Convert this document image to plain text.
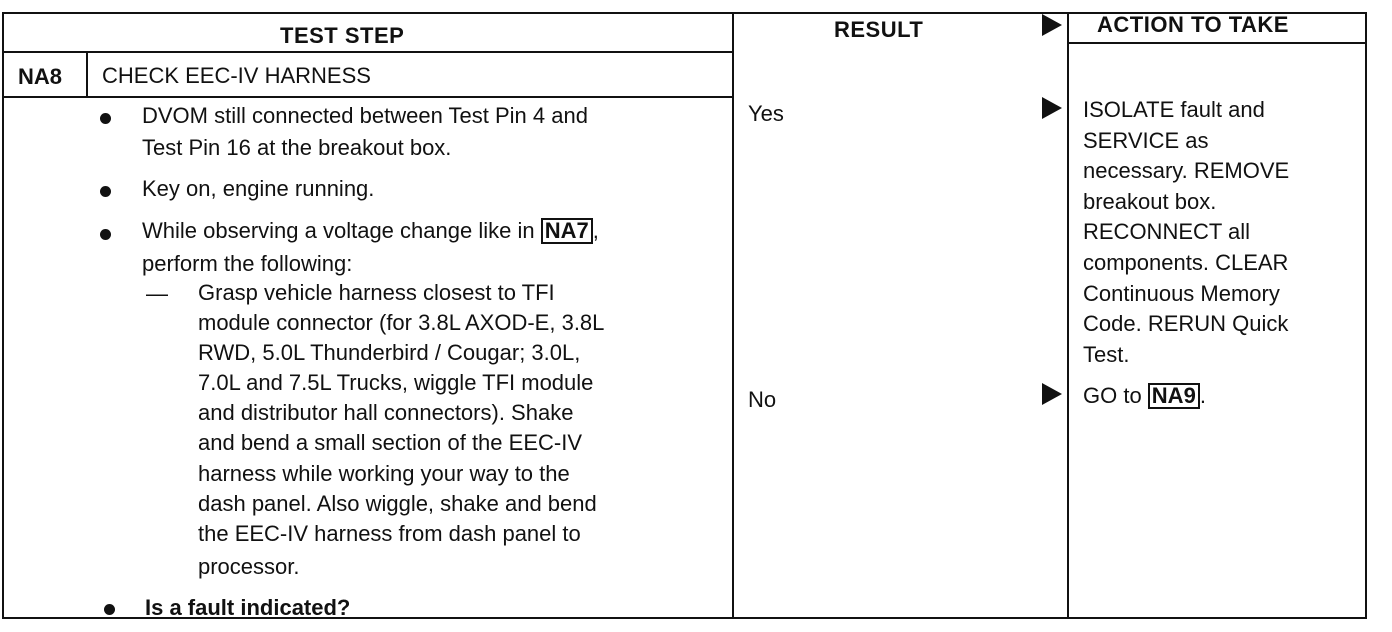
TEST STEP	RESULT	ACTION TO TAKE
NA8 CHECK EEC-IV HARNESS
DVOM still connected between Test Pin 4 and
Test Pin 16 at the breakout box.
Key on, engine running.
While observing a voltage change like in NA7 ,
perform the following:
— Grasp vehicle harness closest to TFI
module connector (for 3.8L AXOD-E, 3.8L
RWD, 5.0L Thunderbird / Cougar; 3.0L,
7.0L and 7.5L Trucks, wiggle TFI module
and distributor hall connectors). Shake
and bend a small section of the EEC-IV
harness while working your way to the
dash panel. Also wiggle, shake and bend
the EEC-IV harness from dash panel to
processor.
Is a fault indicated?
Yes	ISOLATE fault and
SERVICE as
necessary. REMOVE
breakout box.
RECONNECT all
components. CLEAR
Continuous Memory
Code. RERUN Quick
Test.
No	GO to NA9 .
